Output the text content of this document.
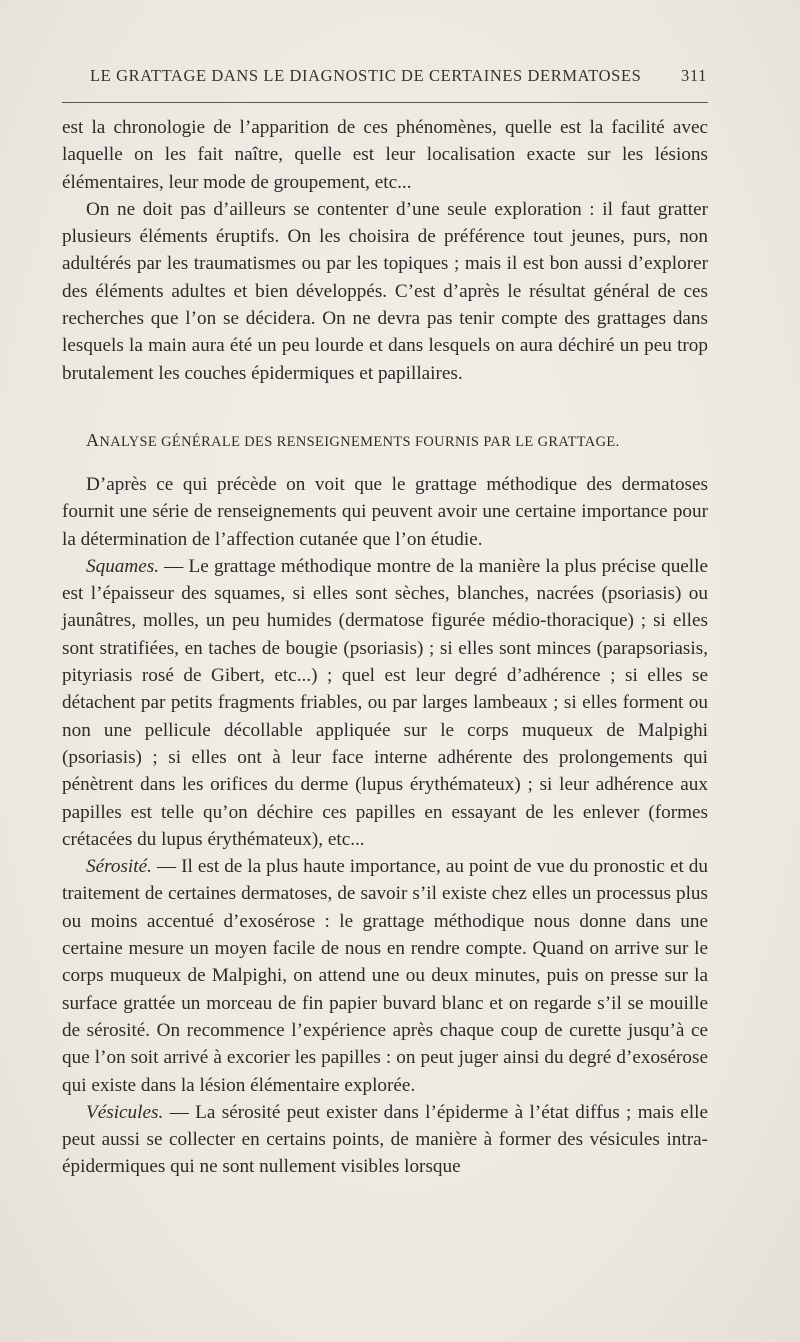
LE GRATTAGE DANS LE DIAGNOSTIC DE CERTAINES DERMATOSES 311

est la chronologie de l’apparition de ces phénomènes, quelle est la facilité avec laquelle on les fait naître, quelle est leur localisation exacte sur les lésions élémentaires, leur mode de groupement, etc...

On ne doit pas d’ailleurs se contenter d’une seule exploration : il faut gratter plusieurs éléments éruptifs. On les choisira de préférence tout jeunes, purs, non adultérés par les traumatismes ou par les topiques ; mais il est bon aussi d’explorer des éléments adultes et bien développés. C’est d’après le résultat général de ces recherches que l’on se décidera. On ne devra pas tenir compte des grattages dans lesquels la main aura été un peu lourde et dans lesquels on aura déchiré un peu trop brutalement les couches épidermiques et papillaires.

ANALYSE GÉNÉRALE DES RENSEIGNEMENTS FOURNIS PAR LE GRATTAGE.

D’après ce qui précède on voit que le grattage méthodique des dermatoses fournit une série de renseignements qui peuvent avoir une certaine importance pour la détermination de l’affection cutanée que l’on étudie.

Squames. — Le grattage méthodique montre de la manière la plus précise quelle est l’épaisseur des squames, si elles sont sèches, blanches, nacrées (psoriasis) ou jaunâtres, molles, un peu humides (dermatose figurée médio-thoracique) ; si elles sont stratifiées, en taches de bougie (psoriasis) ; si elles sont minces (parapsoriasis, pityriasis rosé de Gibert, etc...) ; quel est leur degré d’adhérence ; si elles se détachent par petits fragments friables, ou par larges lambeaux ; si elles forment ou non une pellicule décollable appliquée sur le corps muqueux de Malpighi (psoriasis) ; si elles ont à leur face interne adhérente des prolongements qui pénètrent dans les orifices du derme (lupus érythémateux) ; si leur adhérence aux papilles est telle qu’on déchire ces papilles en essayant de les enlever (formes crétacées du lupus érythémateux), etc...

Sérosité. — Il est de la plus haute importance, au point de vue du pronostic et du traitement de certaines dermatoses, de savoir s’il existe chez elles un processus plus ou moins accentué d’exosérose : le grattage méthodique nous donne dans une certaine mesure un moyen facile de nous en rendre compte. Quand on arrive sur le corps muqueux de Malpighi, on attend une ou deux minutes, puis on presse sur la surface grattée un morceau de fin papier buvard blanc et on regarde s’il se mouille de sérosité. On recommence l’expérience après chaque coup de curette jusqu’à ce que l’on soit arrivé à excorier les papilles : on peut juger ainsi du degré d’exosérose qui existe dans la lésion élémentaire explorée.

Vésicules. — La sérosité peut exister dans l’épiderme à l’état diffus ; mais elle peut aussi se collecter en certains points, de manière à former des vésicules intra-épidermiques qui ne sont nullement visibles lorsque
